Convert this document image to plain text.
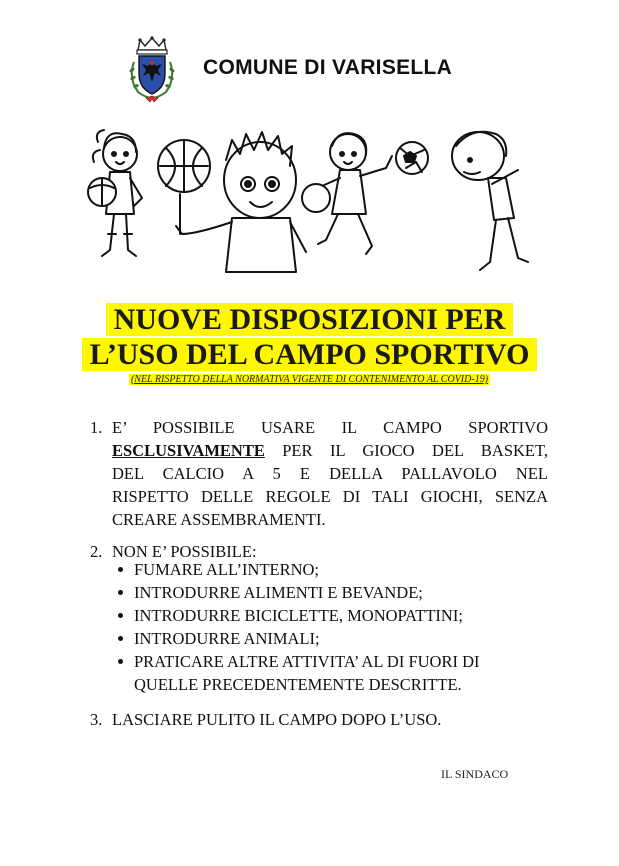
COMUNE DI VARISELLA
NUOVE DISPOSIZIONI PER
L’USO DEL CAMPO SPORTIVO
(NEL RISPETTO DELLA NORMATIVA VIGENTE DI CONTENIMENTO AL COVID-19)
1. E’ POSSIBILE USARE IL CAMPO SPORTIVO
ESCLUSIVAMENTE PER IL GIOCO DEL BASKET,
DEL CALCIO A 5 E DELLA PALLAVOLO NEL
RISPETTO DELLE REGOLE DI TALI GIOCHI, SENZA
CREARE ASSEMBRAMENTI.
2. NON E’ POSSIBILE:
FUMARE ALL’INTERNO;
INTRODURRE ALIMENTI E BEVANDE;
INTRODURRE BICICLETTE, MONOPATTINI;
INTRODURRE ANIMALI;
PRATICARE ALTRE ATTIVITA’ AL DI FUORI DI
QUELLE PRECEDENTEMENTE DESCRITTE.
3. LASCIARE PULITO IL CAMPO DOPO L’USO.
IL SINDACO
